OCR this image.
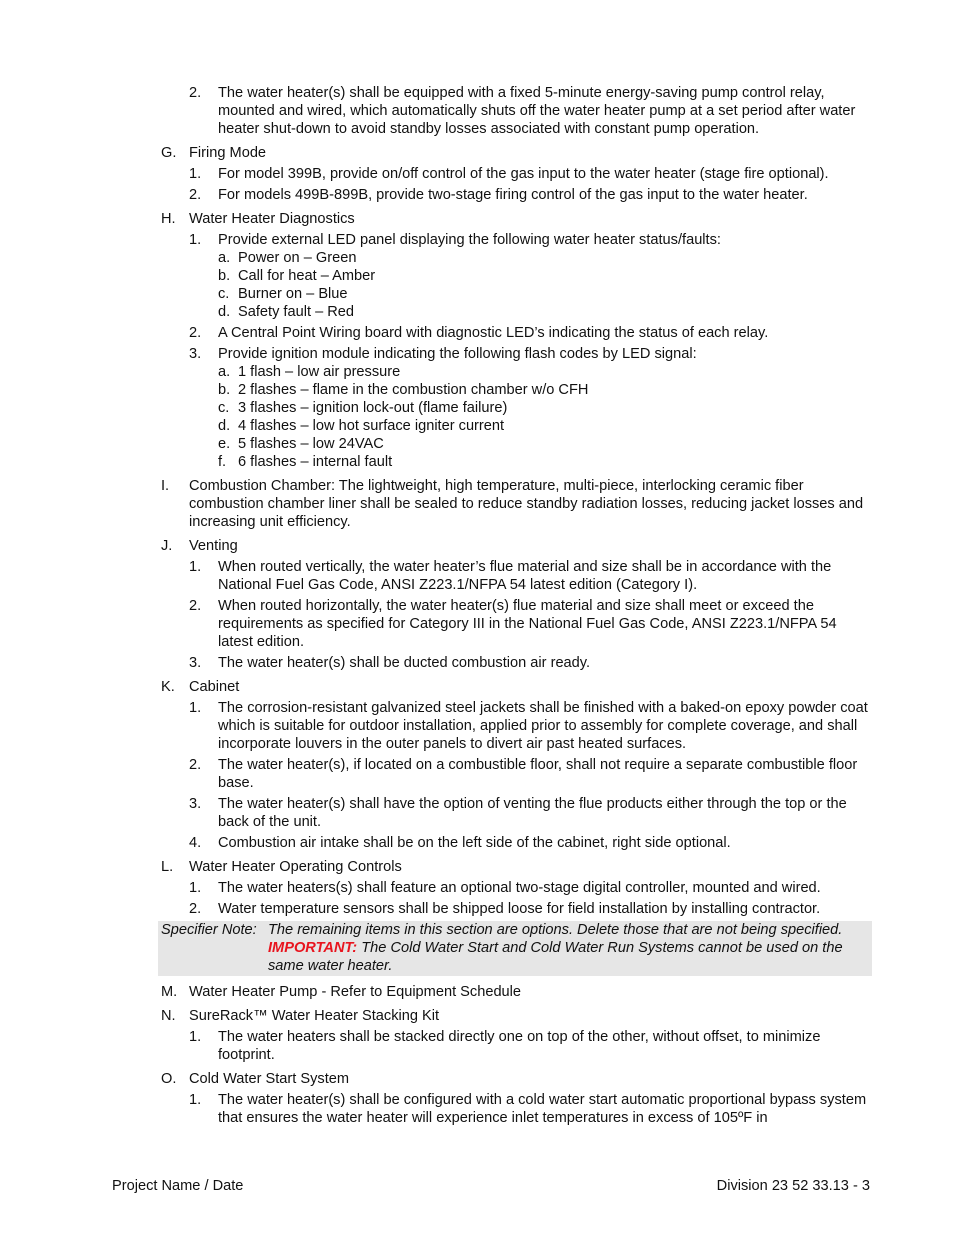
2. The water heater(s) shall be equipped with a fixed 5-minute energy-saving pump control relay, mounted and wired, which automatically shuts off the water heater pump at a set period after water heater shut-down to avoid standby losses associated with constant pump operation.
G. Firing Mode
1. For model 399B, provide on/off control of the gas input to the water heater (stage fire optional).
2. For models 499B-899B, provide two-stage firing control of the gas input to the water heater.
H. Water Heater Diagnostics
1. Provide external LED panel displaying the following water heater status/faults:
a. Power on – Green
b. Call for heat – Amber
c. Burner on – Blue
d. Safety fault – Red
2. A Central Point Wiring board with diagnostic LED’s indicating the status of each relay.
3. Provide ignition module indicating the following flash codes by LED signal:
a. 1 flash – low air pressure
b. 2 flashes – flame in the combustion chamber w/o CFH
c. 3 flashes – ignition lock-out (flame failure)
d. 4 flashes – low hot surface igniter current
e. 5 flashes – low 24VAC
f. 6 flashes – internal fault
I. Combustion Chamber: The lightweight, high temperature, multi-piece, interlocking ceramic fiber combustion chamber liner shall be sealed to reduce standby radiation losses, reducing jacket losses and increasing unit efficiency.
J. Venting
1. When routed vertically, the water heater’s flue material and size shall be in accordance with the National Fuel Gas Code, ANSI Z223.1/NFPA 54 latest edition (Category I).
2. When routed horizontally, the water heater(s) flue material and size shall meet or exceed the requirements as specified for Category III in the National Fuel Gas Code, ANSI Z223.1/NFPA 54 latest edition.
3. The water heater(s) shall be ducted combustion air ready.
K. Cabinet
1. The corrosion-resistant galvanized steel jackets shall be finished with a baked-on epoxy powder coat which is suitable for outdoor installation, applied prior to assembly for complete coverage, and shall incorporate louvers in the outer panels to divert air past heated surfaces.
2. The water heater(s), if located on a combustible floor, shall not require a separate combustible floor base.
3. The water heater(s) shall have the option of venting the flue products either through the top or the back of the unit.
4. Combustion air intake shall be on the left side of the cabinet, right side optional.
L. Water Heater Operating Controls
1. The water heaters(s) shall feature an optional two-stage digital controller, mounted and wired.
2. Water temperature sensors shall be shipped loose for field installation by installing contractor.
Specifier Note: The remaining items in this section are options. Delete those that are not being specified. IMPORTANT: The Cold Water Start and Cold Water Run Systems cannot be used on the same water heater.
M. Water Heater Pump - Refer to Equipment Schedule
N. SureRack™ Water Heater Stacking Kit
1. The water heaters shall be stacked directly one on top of the other, without offset, to minimize footprint.
O. Cold Water Start System
1. The water heater(s) shall be configured with a cold water start automatic proportional bypass system that ensures the water heater will experience inlet temperatures in excess of 105ºF in
Project Name / Date	Division 23 52 33.13 - 3
